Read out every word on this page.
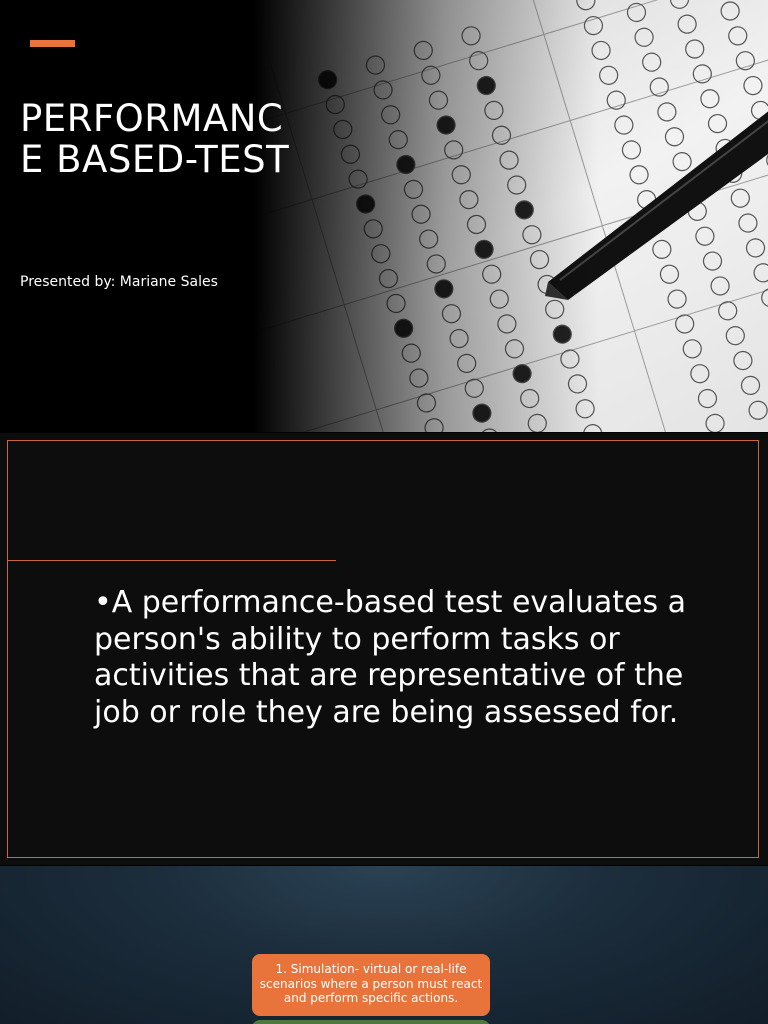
PERFORMANCE BASED-TEST
Presented by: Mariane Sales

•A performance-based test evaluates a person's ability to perform tasks or activities that are representative of the job or role they are being assessed for.

1. Simulation- virtual or real-life scenarios where a person must react and perform specific actions.
